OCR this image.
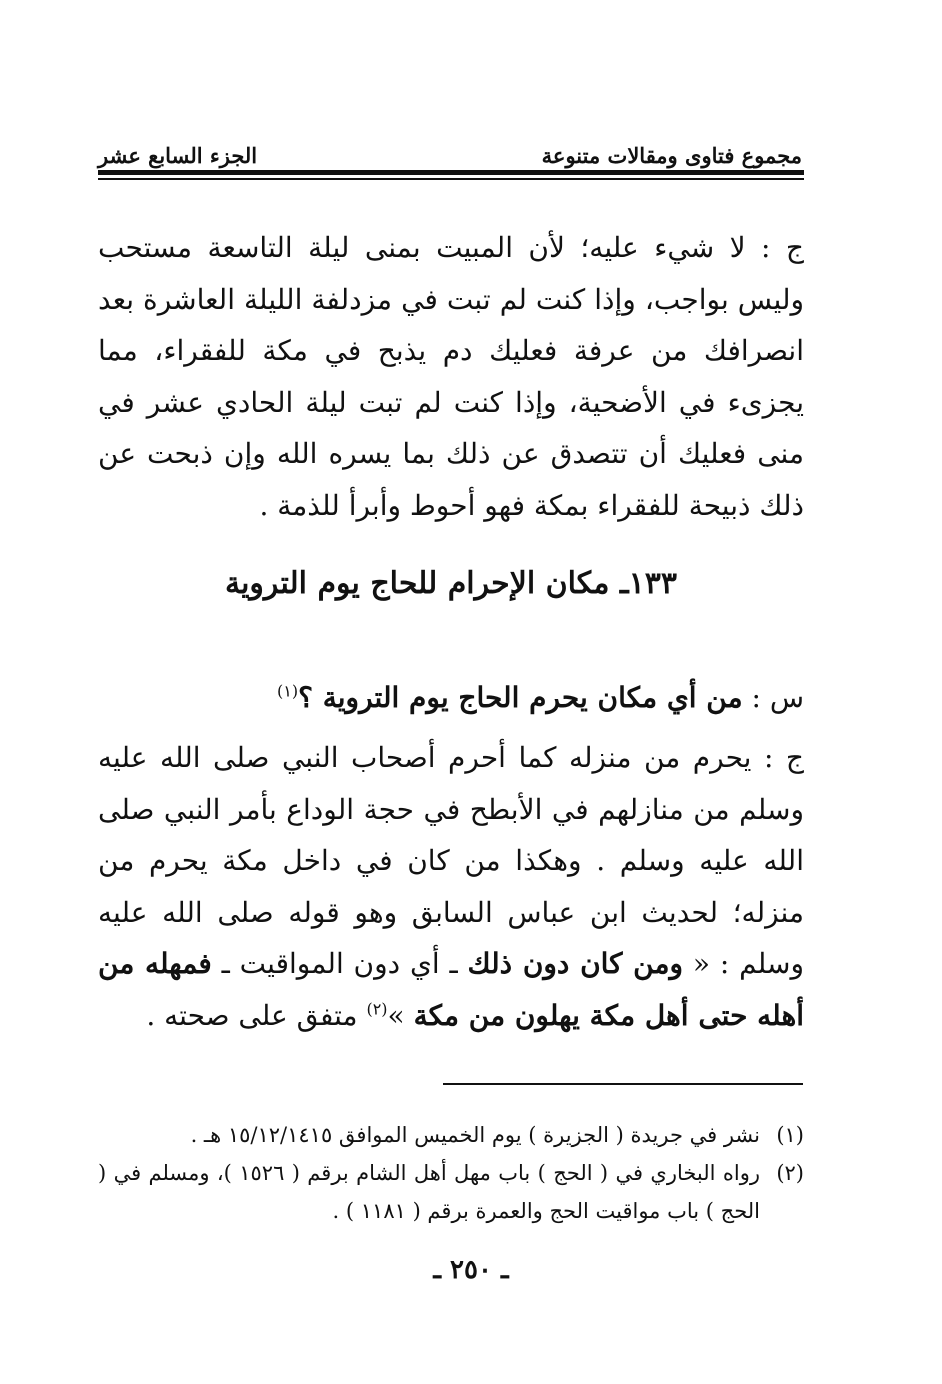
مجموع فتاوى ومقالات متنوعة
الجزء السابع عشر

ج : لا شيء عليه؛ لأن المبيت بمنى ليلة التاسعة مستحب وليس بواجب، وإذا كنت لم تبت في مزدلفة الليلة العاشرة بعد انصرافك من عرفة فعليك دم يذبح في مكة للفقراء، مما يجزىء في الأضحية، وإذا كنت لم تبت ليلة الحادي عشر في منى فعليك أن تتصدق عن ذلك بما يسره الله وإن ذبحت عن ذلك ذبيحة للفقراء بمكة فهو أحوط وأبرأ للذمة .

١٣٣ـ مكان الإحرام للحاج يوم التروية

س : من أي مكان يحرم الحاج يوم التروية ؟$^{(١)}$

ج : يحرم من منزله كما أحرم أصحاب النبي صلى الله عليه وسلم من منازلهم في الأبطح في حجة الوداع بأمر النبي صلى الله عليه وسلم . وهكذا من كان في داخل مكة يحرم من منزله؛ لحديث ابن عباس السابق وهو قوله صلى الله عليه وسلم : « ومن كان دون ذلك ـ أي دون المواقيت ـ فمهله من أهله حتى أهل مكة يهلون من مكة »$^{(٢)}$ متفق على صحته .

(١)
نشر في جريدة ( الجزيرة ) يوم الخميس الموافق ١٥/١٢/١٤١٥ هـ .
(٢)
رواه البخاري في ( الحج ) باب مهل أهل الشام برقم ( ١٥٢٦ )، ومسلم في ( الحج ) باب مواقيت الحج والعمرة برقم ( ١١٨١ ) .
ـ ٢٥٠ ـ
